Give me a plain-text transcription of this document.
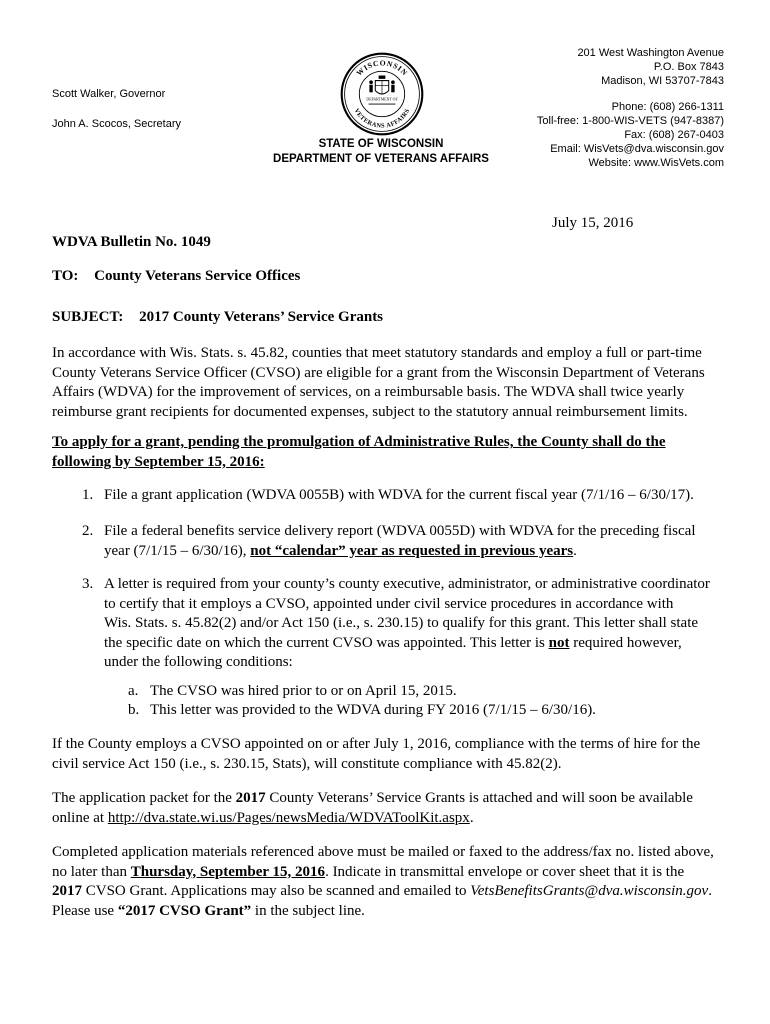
201 West Washington Avenue
P.O. Box 7843
Madison, WI 53707-7843
Phone: (608) 266-1311
Toll-free: 1-800-WIS-VETS (947-8387)
Fax: (608) 267-0403
Email: WisVets@dva.wisconsin.gov
Website: www.WisVets.com
Scott Walker, Governor
John A. Scocos, Secretary
WISCONSIN
VETERANS AFFAIRS
DEPARTMENT OF
STATE OF WISCONSIN
DEPARTMENT OF VETERANS AFFAIRS
July 15, 2016
WDVA Bulletin No. 1049
TO: County Veterans Service Offices
SUBJECT: 2017 County Veterans’ Service Grants
In accordance with Wis. Stats. s. 45.82, counties that meet statutory standards and employ a full or part-time
County Veterans Service Officer (CVSO) are eligible for a grant from the Wisconsin Department of Veterans
Affairs (WDVA) for the improvement of services, on a reimbursable basis. The WDVA shall twice yearly
reimburse grant recipients for documented expenses, subject to the statutory annual reimbursement limits.
To apply for a grant, pending the promulgation of Administrative Rules, the County shall do the
following by September 15, 2016:
1. File a grant application (WDVA 0055B) with WDVA for the current fiscal year (7/1/16 – 6/30/17).
2. File a federal benefits service delivery report (WDVA 0055D) with WDVA for the preceding fiscal
year (7/1/15 – 6/30/16), not “calendar” year as requested in previous years.
3. A letter is required from your county’s county executive, administrator, or administrative coordinator
to certify that it employs a CVSO, appointed under civil service procedures in accordance with
Wis. Stats. s. 45.82(2) and/or Act 150 (i.e., s. 230.15) to qualify for this grant. This letter shall state
the specific date on which the current CVSO was appointed. This letter is not required however,
under the following conditions:
a. The CVSO was hired prior to or on April 15, 2015.
b. This letter was provided to the WDVA during FY 2016 (7/1/15 – 6/30/16).
If the County employs a CVSO appointed on or after July 1, 2016, compliance with the terms of hire for the
civil service Act 150 (i.e., s. 230.15, Stats), will constitute compliance with 45.82(2).
The application packet for the 2017 County Veterans’ Service Grants is attached and will soon be available
online at http://dva.state.wi.us/Pages/newsMedia/WDVAToolKit.aspx.
Completed application materials referenced above must be mailed or faxed to the address/fax no. listed above,
no later than Thursday, September 15, 2016. Indicate in transmittal envelope or cover sheet that it is the
2017 CVSO Grant. Applications may also be scanned and emailed to VetsBenefitsGrants@dva.wisconsin.gov.
Please use “2017 CVSO Grant” in the subject line.
